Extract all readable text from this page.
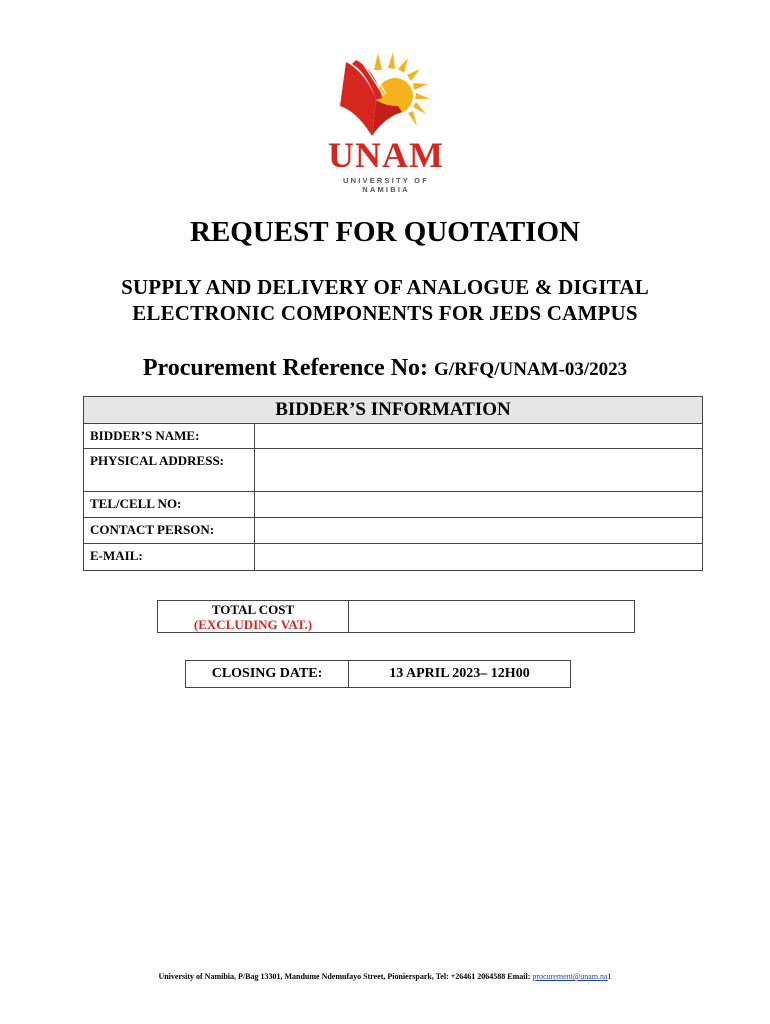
UNAM
UNIVERSITY OF NAMIBIA
REQUEST FOR QUOTATION
SUPPLY AND DELIVERY OF ANALOGUE & DIGITAL
ELECTRONIC COMPONENTS FOR JEDS CAMPUS
Procurement Reference No: G/RFQ/UNAM-03/2023
BIDDER’S INFORMATION	
BIDDER’S NAME:	
PHYSICAL ADDRESS:	
TEL/CELL NO:	
CONTACT PERSON:	
E-MAIL:	
TOTAL COST
(EXCLUDING VAT.)
CLOSING DATE:	13 APRIL 2023– 12H00
University of Namibia, P/Bag 13301, Mandume Ndemufayo Street, Pionierspark, Tel: +26461 2064588 Email: procurement@unam.na1
